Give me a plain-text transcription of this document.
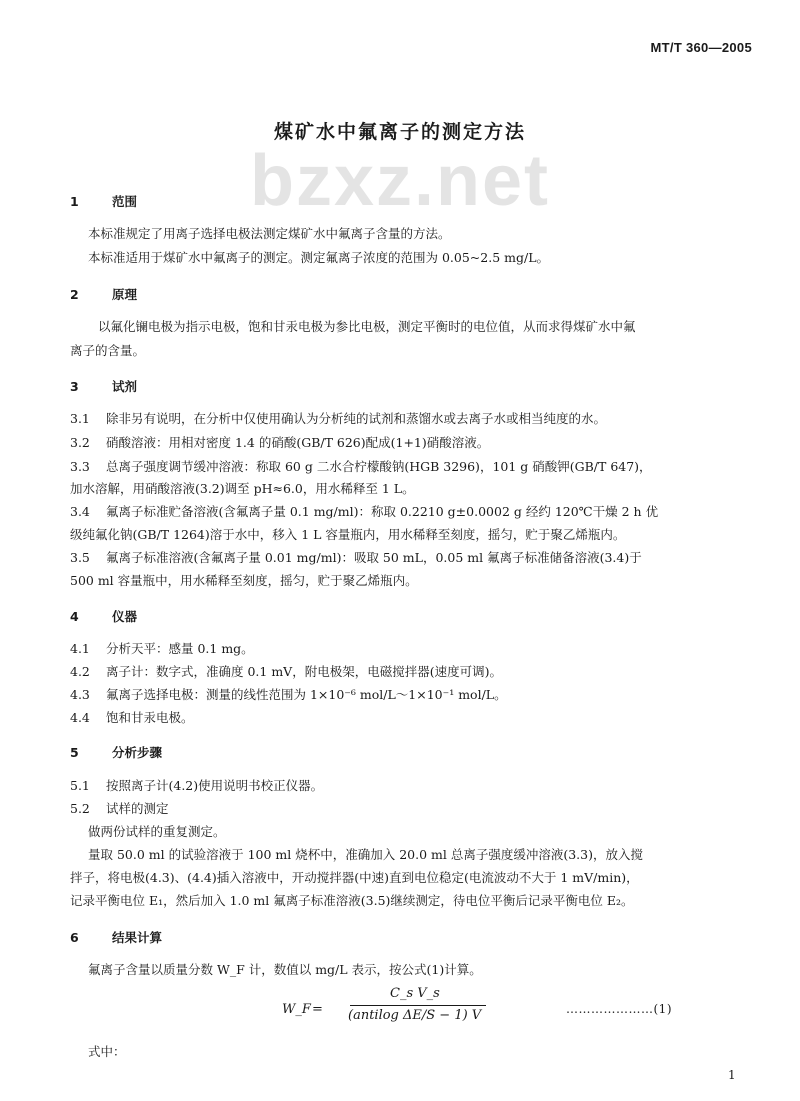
MT/T 360—2005
bzxz.net
煤矿水中氟离子的测定方法
1	范围
本标准规定了用离子选择电极法测定煤矿水中氟离子含量的方法。
本标准适用于煤矿水中氟离子的测定。测定氟离子浓度的范围为 0.05~2.5 mg/L。
2	原理
以氟化镧电极为指示电极，饱和甘汞电极为参比电极，测定平衡时的电位值，从而求得煤矿水中氟
离子的含量。
3	试剂
3.1 除非另有说明，在分析中仅使用确认为分析纯的试剂和蒸馏水或去离子水或相当纯度的水。
3.2 硝酸溶液：用相对密度 1.4 的硝酸(GB/T 626)配成(1+1)硝酸溶液。
3.3 总离子强度调节缓冲溶液：称取 60 g 二水合柠檬酸钠(HGB 3296)，101 g 硝酸钾(GB/T 647)，
加水溶解，用硝酸溶液(3.2)调至 pH≈6.0，用水稀释至 1 L。
3.4 氟离子标准贮备溶液(含氟离子量 0.1 mg/ml)：称取 0.2210 g±0.0002 g 经约 120℃干燥 2 h 优
级纯氟化钠(GB/T 1264)溶于水中，移入 1 L 容量瓶内，用水稀释至刻度，摇匀，贮于聚乙烯瓶内。
3.5 氟离子标准溶液(含氟离子量 0.01 mg/ml)：吸取 50 mL，0.05 ml 氟离子标准储备溶液(3.4)于
500 ml 容量瓶中，用水稀释至刻度，摇匀，贮于聚乙烯瓶内。
4	仪器
4.1 分析天平：感量 0.1 mg。
4.2 离子计：数字式，准确度 0.1 mV，附电极架，电磁搅拌器(速度可调)。
4.3 氟离子选择电极：测量的线性范围为 1×10⁻⁶ mol/L～1×10⁻¹ mol/L。
4.4 饱和甘汞电极。
5	分析步骤
5.1 按照离子计(4.2)使用说明书校正仪器。
5.2 试样的测定
做两份试样的重复测定。
量取 50.0 ml 的试验溶液于 100 ml 烧杯中，准确加入 20.0 ml 总离子强度缓冲溶液(3.3)，放入搅
拌子，将电极(4.3)、(4.4)插入溶液中，开动搅拌器(中速)直到电位稳定(电流波动不大于 1 mV/min)，
记录平衡电位 E₁，然后加入 1.0 ml 氟离子标准溶液(3.5)继续测定，待电位平衡后记录平衡电位 E₂。
6	结果计算
氟离子含量以质量分数 W_F 计，数值以 mg/L 表示，按公式(1)计算。
W_F =
C_s V_s
(antilog ΔE/S − 1) V	…………………(1)
式中：
1
